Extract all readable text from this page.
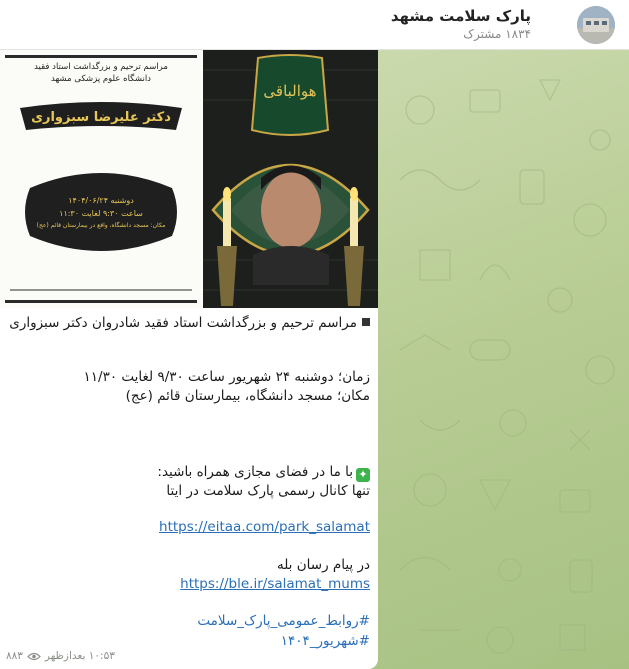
پارک سلامت مشهد
۱۸۳۴ مشترک
مراسم ترحیم و بزرگداشت استاد فقید
دانشگاه علوم پزشکی مشهد
دکتر علیرضا سبزواری
دوشنبه ۱۴۰۴/۰۶/۲۴
ساعت ۹:۳۰ لغایت ۱۱:۳۰
مکان: مسجد دانشگاه، واقع در بیمارستان قائم (عج)
هوالباقی
مراسم ترحیم و بزرگداشت استاد فقید شادروان دکتر سبزواری
زمان؛ دوشنبه ۲۴ شهریور ساعت ۹/۳۰ لغایت ۱۱/۳۰
مکان؛ مسجد دانشگاه، بیمارستان قائم (عج)
✦با ما در فضای مجازی همراه باشید:
تنها کانال رسمی پارک سلامت در ایتا
https://eitaa.com/park_salamat
در پیام رسان بله
https://ble.ir/salamat_mums
#روابط_عمومی_پارک_سلامت
#شهریور_۱۴۰۴
۱۰:۵۳ بعدازظهر
۸۸۳
